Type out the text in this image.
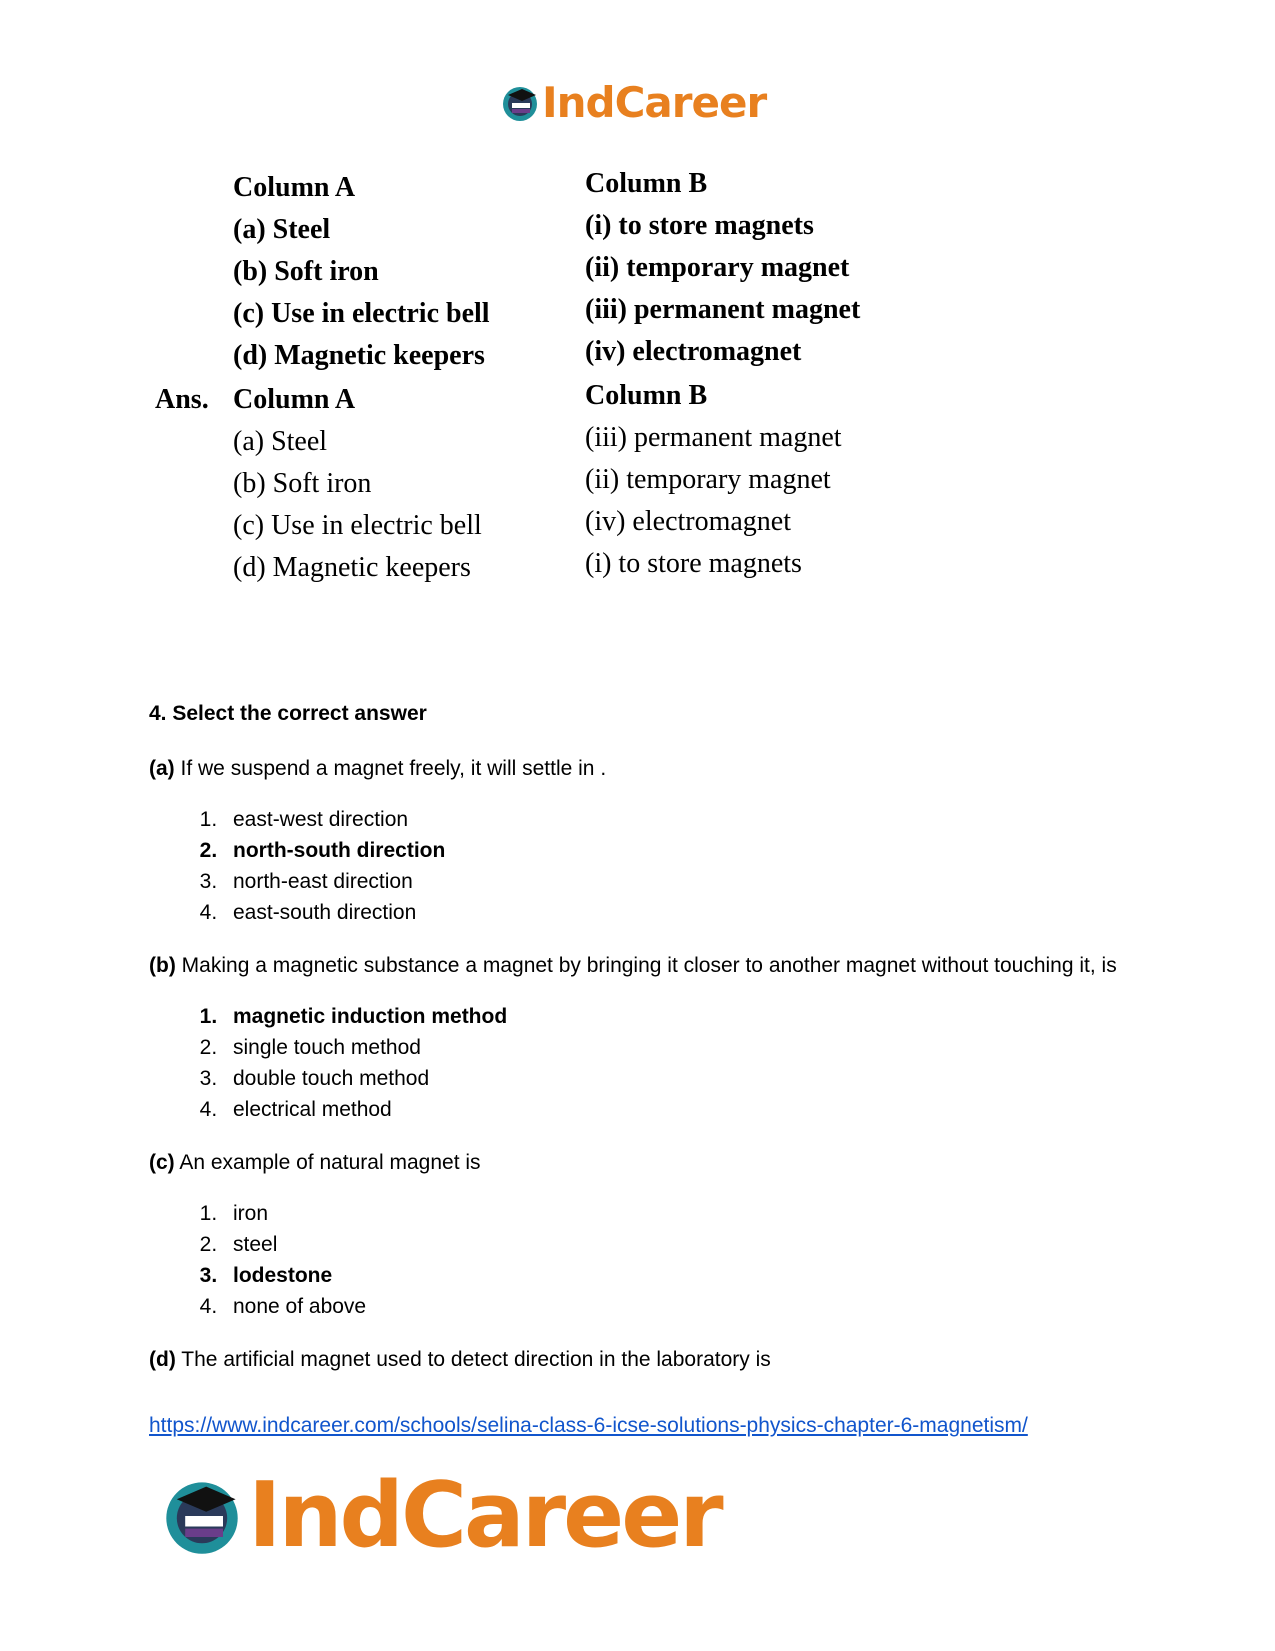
IndCareer
Column A	Column B
(a) Steel	(i) to store magnets
(b) Soft iron	(ii) temporary magnet
(c) Use in electric bell	(iii) permanent magnet
(d) Magnetic keepers	(iv) electromagnet
Ans. Column A	Column B
(a) Steel	(iii) permanent magnet
(b) Soft iron	(ii) temporary magnet
(c) Use in electric bell	(iv) electromagnet
(d) Magnetic keepers	(i) to store magnets

4. Select the correct answer

(a) If we suspend a magnet freely, it will settle in .

1. east-west direction
2. north-south direction
3. north-east direction
4. east-south direction

(b) Making a magnetic substance a magnet by bringing it closer to another magnet without touching it, is

1. magnetic induction method
2. single touch method
3. double touch method
4. electrical method

(c) An example of natural magnet is

1. iron
2. steel
3. lodestone
4. none of above

(d) The artificial magnet used to detect direction in the laboratory is

https://www.indcareer.com/schools/selina-class-6-icse-solutions-physics-chapter-6-magnetism/
IndCareer
